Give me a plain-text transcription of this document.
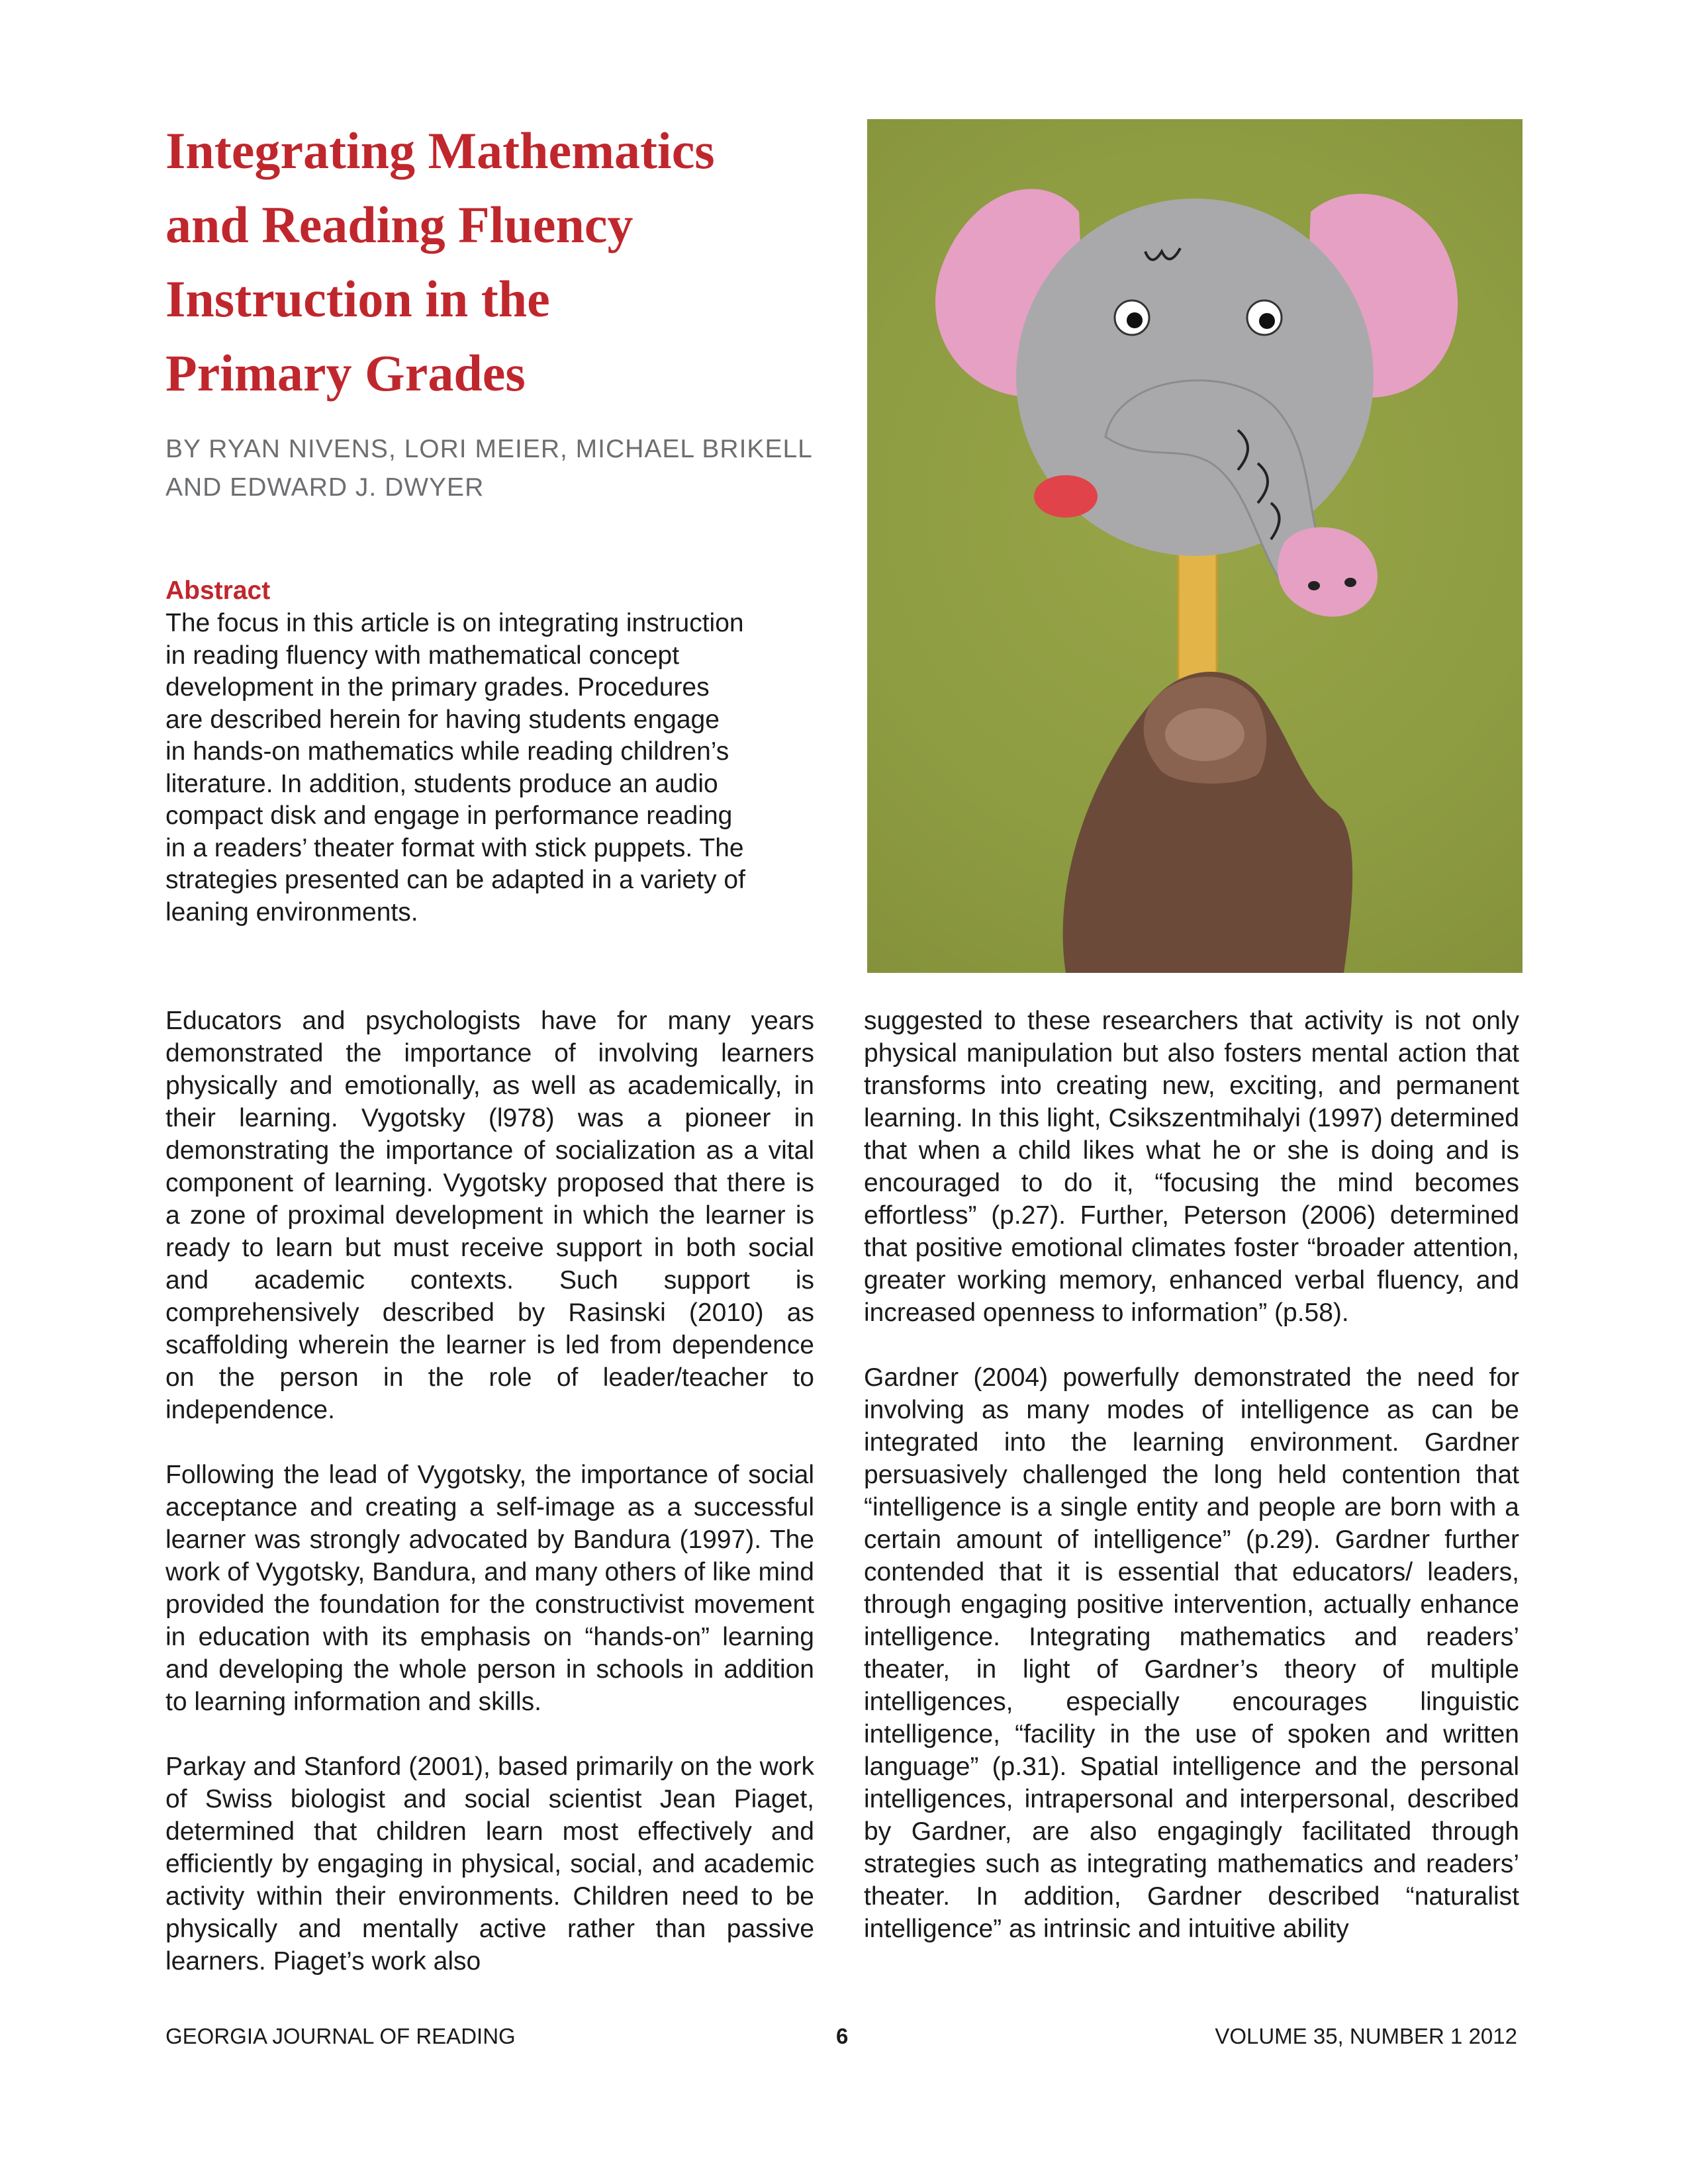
Integrating Mathematics
and Reading Fluency
Instruction in the
Primary Grades
BY RYAN NIVENS, LORI MEIER, MICHAEL BRIKELL
AND EDWARD J. DWYER
Abstract
The focus in this article is on integrating instruction
in reading fluency with mathematical concept
development in the primary grades. Procedures
are described herein for having students engage
in hands-on mathematics while reading children’s
literature. In addition, students produce an audio
compact disk and engage in performance reading
in a readers’ theater format with stick puppets. The
strategies presented can be adapted in a variety of
leaning environments.

Educators and psychologists have for many years demonstrated the importance of involving learners physically and emotionally, as well as academically, in their learning. Vygotsky (l978) was a pioneer in demonstrating the importance of socialization as a vital component of learning. Vygotsky proposed that there is a zone of proximal development in which the learner is ready to learn but must receive support in both social and academic contexts. Such support is comprehensively described by Rasinski (2010) as scaffolding wherein the learner is led from dependence on the person in the role of leader/teacher to independence.

Following the lead of Vygotsky, the importance of social acceptance and creating a self-image as a successful learner was strongly advocated by Bandura (1997). The work of Vygotsky, Bandura, and many others of like mind provided the foundation for the constructivist movement in education with its emphasis on “hands-on” learning and developing the whole person in schools in addition to learning information and skills.

Parkay and Stanford (2001), based primarily on the work of Swiss biologist and social scientist Jean Piaget, determined that children learn most effectively and efficiently by engaging in physical, social, and academic activity within their environments. Children need to be physically and mentally active rather than passive learners. Piaget’s work also

suggested to these researchers that activity is not only physical manipulation but also fosters mental action that transforms into creating new, exciting, and permanent learning. In this light, Csikszentmihalyi (1997) determined that when a child likes what he or she is doing and is encouraged to do it, “focusing the mind becomes effortless” (p.27). Further, Peterson (2006) determined that positive emotional climates foster “broader attention, greater working memory, enhanced verbal fluency, and increased openness to information” (p.58).

Gardner (2004) powerfully demonstrated the need for involving as many modes of intelligence as can be integrated into the learning environment. Gardner persuasively challenged the long held contention that “intelligence is a single entity and people are born with a certain amount of intelligence” (p.29). Gardner further contended that it is essential that educators/ leaders, through engaging positive intervention, actually enhance intelligence. Integrating mathematics and readers’ theater, in light of Gardner’s theory of multiple intelligences, especially encourages linguistic intelligence, “facility in the use of spoken and written language” (p.31). Spatial intelligence and the personal intelligences, intrapersonal and interpersonal, described by Gardner, are also engagingly facilitated through strategies such as integrating mathematics and readers’ theater. In addition, Gardner described “naturalist intelligence” as intrinsic and intuitive ability

GEORGIA JOURNAL OF READING	6	VOLUME 35, NUMBER 1 2012
